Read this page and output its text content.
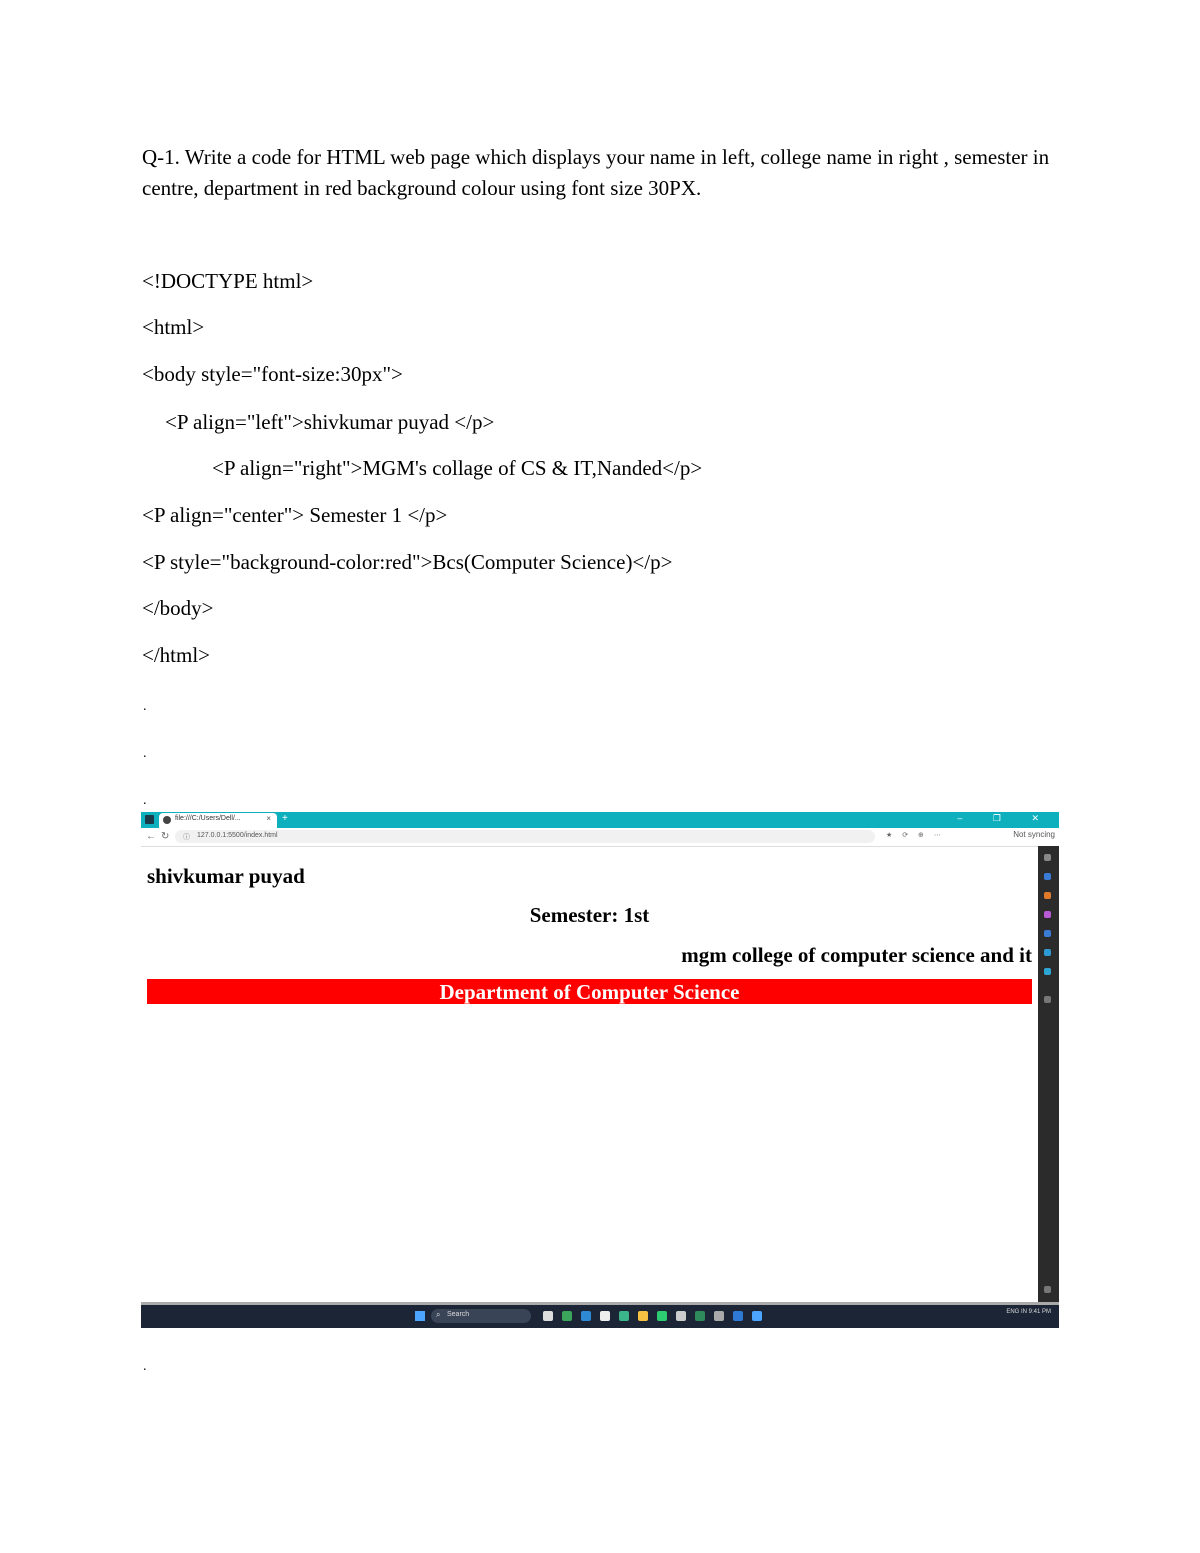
Q-1. Write a code for HTML web page which displays your name in left, college name in right , semester in centre, department in red background colour using font size 30PX.
<!DOCTYPE html>
<html>
<body style="font-size:30px">
<P align="left">shivkumar puyad </p>
<P align="right">MGM's collage of CS & IT,Nanded</p>
<P align="center"> Semester 1 </p>
<P style="background-color:red">Bcs(Computer Science)</p>
</body>
</html>
.
.
.
.
file:///C:/Users/Dell/...	× +	– ❐ ✕
← ↻ ⓘ 127.0.0.1:5500/index.html	★ ⟳ ⊕ ⋯	Not syncing
shivkumar puyad
Semester: 1st
mgm college of computer science and it
Department of Computer Science
⌕ Search	ENG IN 9:41 PM
